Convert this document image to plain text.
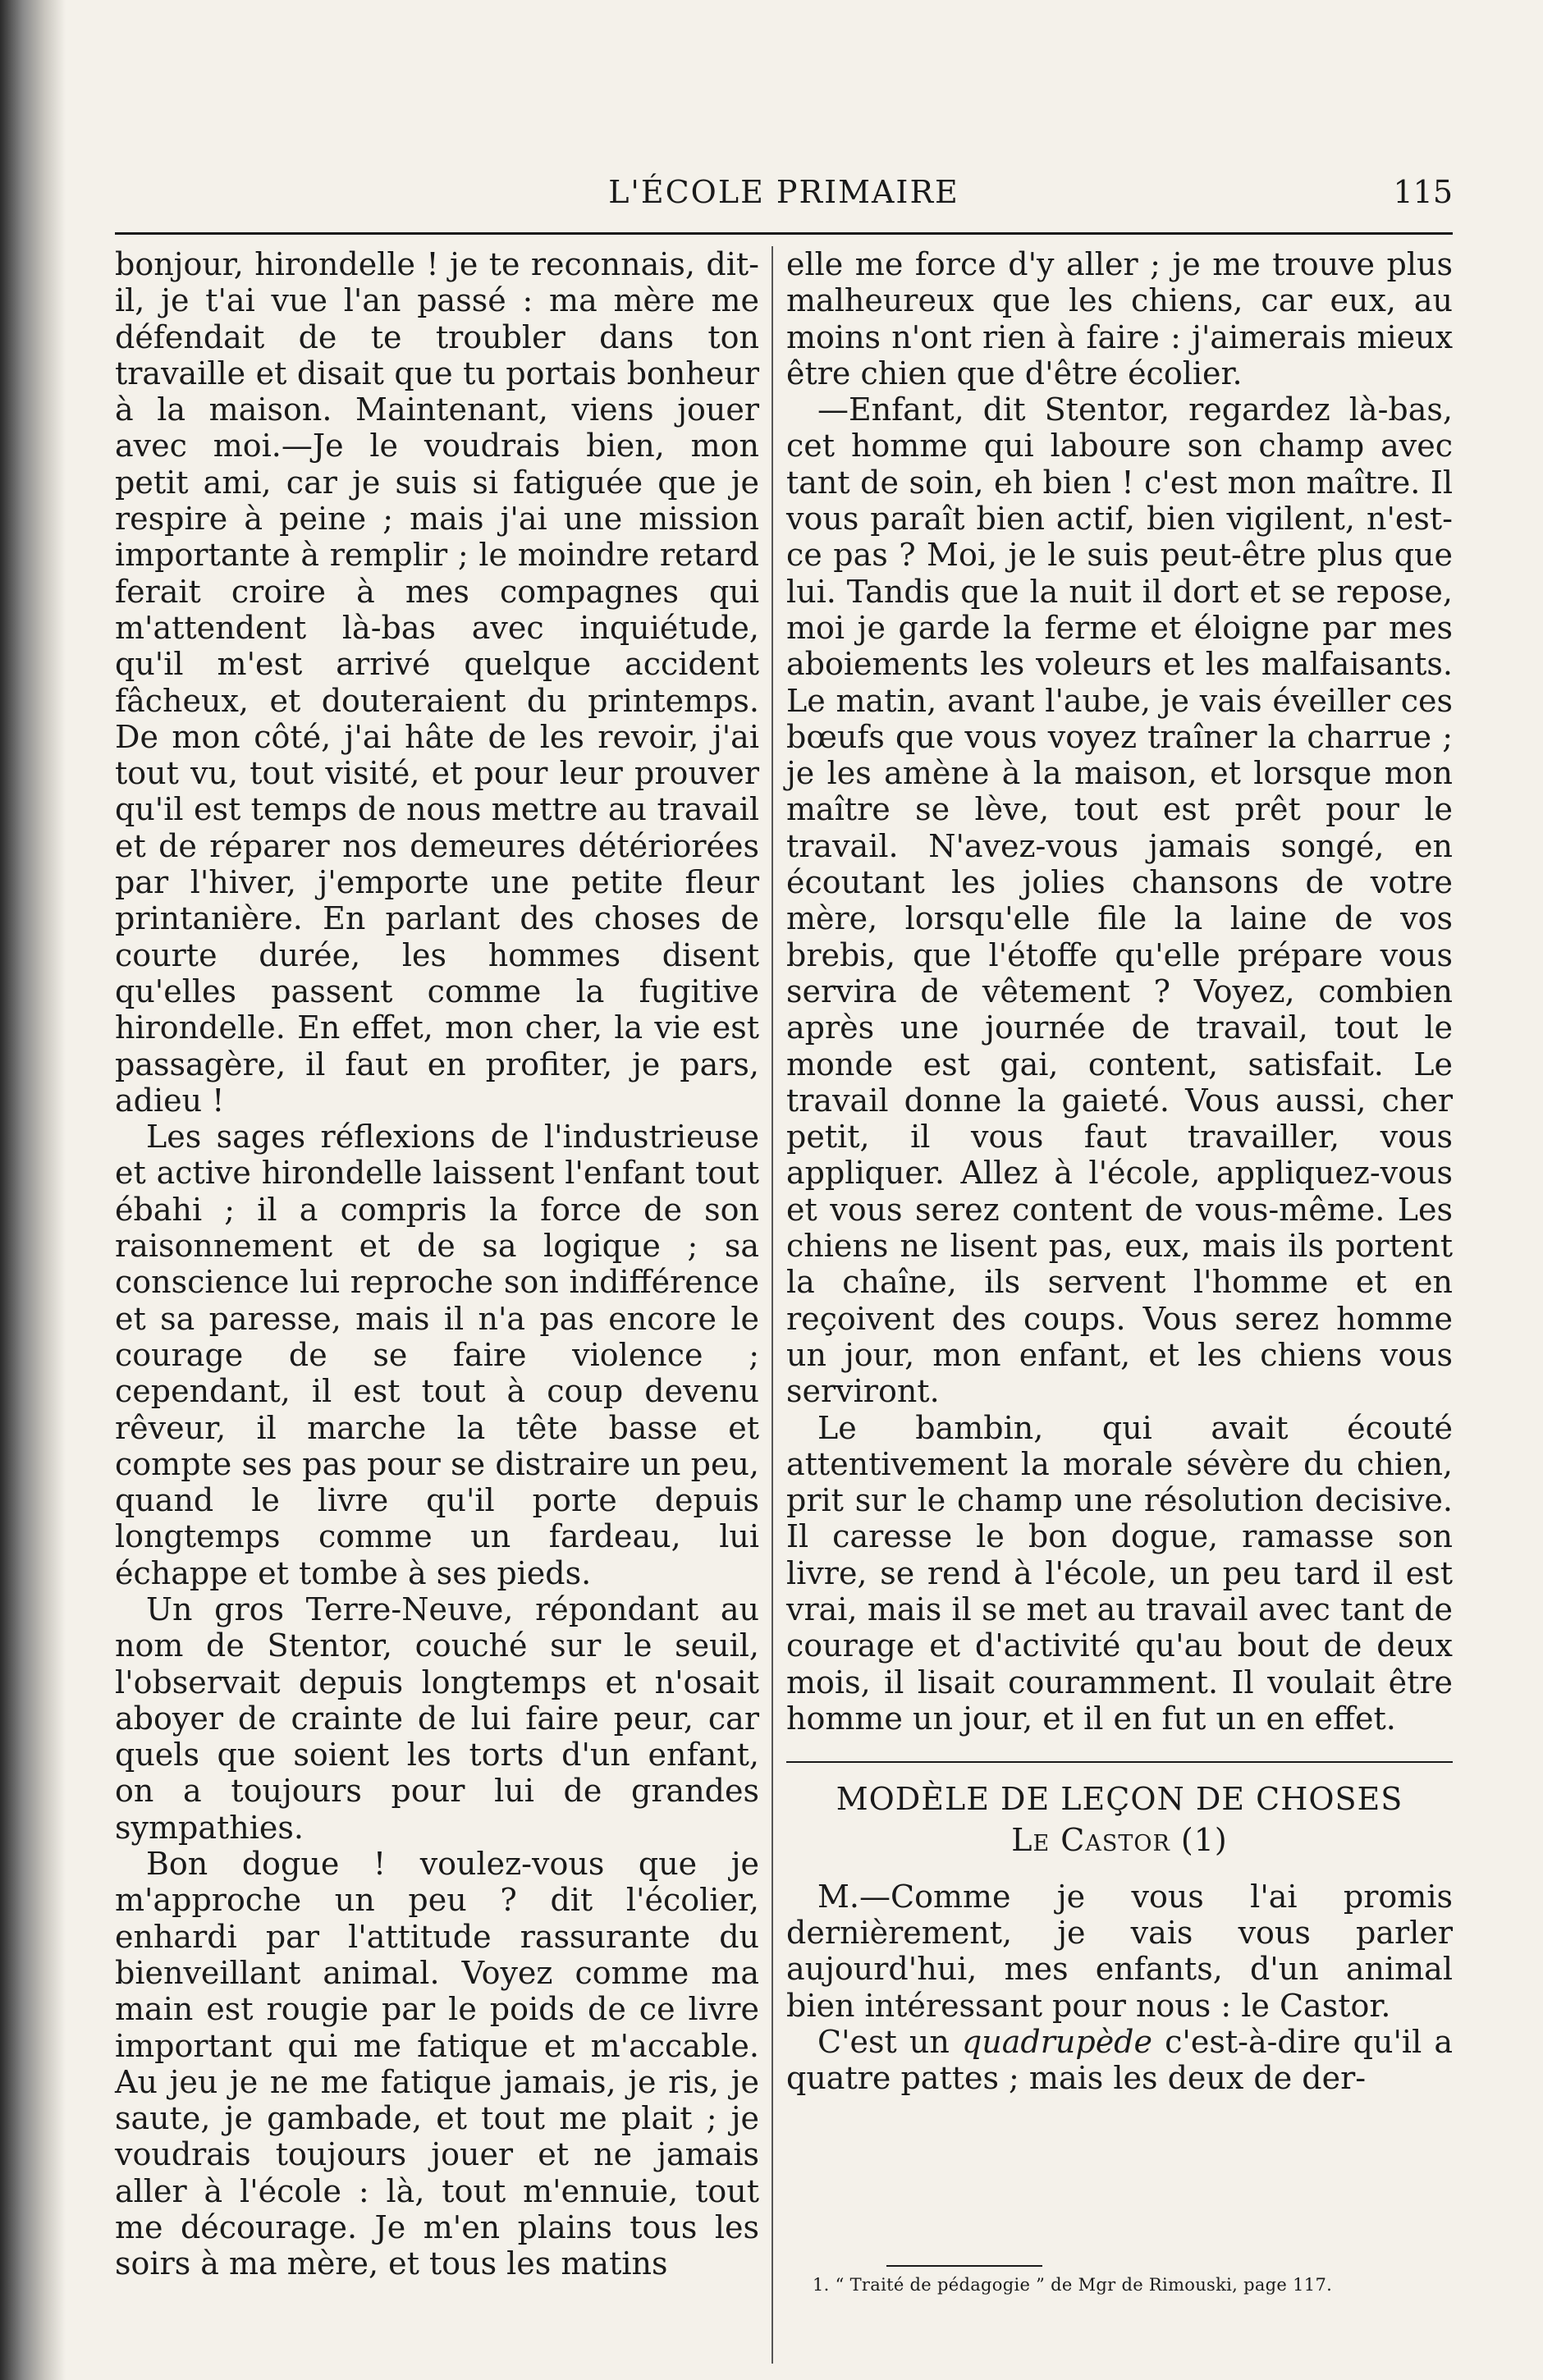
L'ÉCOLE PRIMAIRE	115

bonjour, hirondelle ! je te reconnais, dit-il, je t'ai vue l'an passé : ma mère me défendait de te troubler dans ton travaille et disait que tu portais bonheur à la maison. Maintenant, viens jouer avec moi.—Je le voudrais bien, mon petit ami, car je suis si fatiguée que je respire à peine ; mais j'ai une mission importante à remplir ; le moindre retard ferait croire à mes compagnes qui m'attendent là-bas avec inquiétude, qu'il m'est arrivé quelque accident fâcheux, et douteraient du printemps. De mon côté, j'ai hâte de les revoir, j'ai tout vu, tout visité, et pour leur prouver qu'il est temps de nous mettre au travail et de réparer nos demeures détériorées par l'hiver, j'emporte une petite fleur printanière. En parlant des choses de courte durée, les hommes disent qu'elles passent comme la fugitive hirondelle. En effet, mon cher, la vie est passagère, il faut en profiter, je pars, adieu !

Les sages réflexions de l'industrieuse et active hirondelle laissent l'enfant tout ébahi ; il a compris la force de son raisonnement et de sa logique ; sa conscience lui reproche son indifférence et sa paresse, mais il n'a pas encore le courage de se faire violence ; cependant, il est tout à coup devenu rêveur, il marche la tête basse et compte ses pas pour se distraire un peu, quand le livre qu'il porte depuis longtemps comme un fardeau, lui échappe et tombe à ses pieds.

Un gros Terre-Neuve, répondant au nom de Stentor, couché sur le seuil, l'observait depuis longtemps et n'osait aboyer de crainte de lui faire peur, car quels que soient les torts d'un enfant, on a toujours pour lui de grandes sympathies.

Bon dogue ! voulez-vous que je m'approche un peu ? dit l'écolier, enhardi par l'attitude rassurante du bienveillant animal. Voyez comme ma main est rougie par le poids de ce livre important qui me fatique et m'accable. Au jeu je ne me fatique jamais, je ris, je saute, je gambade, et tout me plait ; je voudrais toujours jouer et ne jamais aller à l'école : là, tout m'ennuie, tout me décourage. Je m'en plains tous les soirs à ma mère, et tous les matins

elle me force d'y aller ; je me trouve plus malheureux que les chiens, car eux, au moins n'ont rien à faire : j'aimerais mieux être chien que d'être écolier.

—Enfant, dit Stentor, regardez là-bas, cet homme qui laboure son champ avec tant de soin, eh bien ! c'est mon maître. Il vous paraît bien actif, bien vigilent, n'est-ce pas ? Moi, je le suis peut-être plus que lui. Tandis que la nuit il dort et se repose, moi je garde la ferme et éloigne par mes aboiements les voleurs et les malfaisants. Le matin, avant l'aube, je vais éveiller ces bœufs que vous voyez traîner la charrue ; je les amène à la maison, et lorsque mon maître se lève, tout est prêt pour le travail. N'avez-vous jamais songé, en écoutant les jolies chansons de votre mère, lorsqu'elle file la laine de vos brebis, que l'étoffe qu'elle prépare vous servira de vêtement ? Voyez, combien après une journée de travail, tout le monde est gai, content, satisfait. Le travail donne la gaieté. Vous aussi, cher petit, il vous faut travailler, vous appliquer. Allez à l'école, appliquez-vous et vous serez content de vous-même. Les chiens ne lisent pas, eux, mais ils portent la chaîne, ils servent l'homme et en reçoivent des coups. Vous serez homme un jour, mon enfant, et les chiens vous serviront.

Le bambin, qui avait écouté attentivement la morale sévère du chien, prit sur le champ une résolution decisive. Il caresse le bon dogue, ramasse son livre, se rend à l'école, un peu tard il est vrai, mais il se met au travail avec tant de courage et d'activité qu'au bout de deux mois, il lisait couramment. Il voulait être homme un jour, et il en fut un en effet.

MODÈLE DE LEÇON DE CHOSES
Le Castor (1)

M.—Comme je vous l'ai promis dernièrement, je vais vous parler aujourd'hui, mes enfants, d'un animal bien intéressant pour nous : le Castor.

C'est un quadrupède c'est-à-dire qu'il a quatre pattes ; mais les deux de der-

1. “ Traité de pédagogie ” de Mgr de Rimouski, page 117.
